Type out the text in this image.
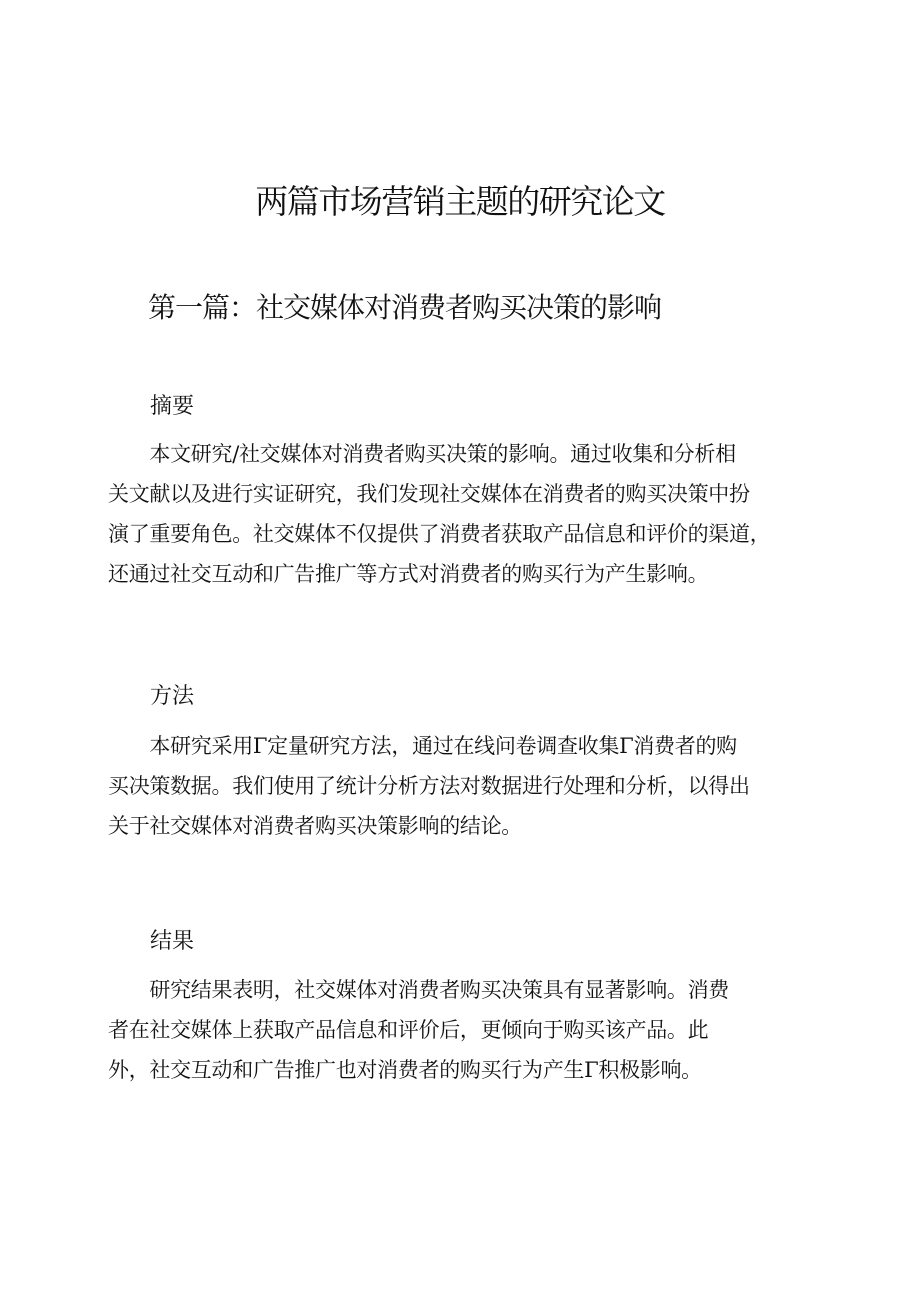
两篇市场营销主题的研究论文
第一篇：社交媒体对消费者购买决策的影响
摘要
　　本文研究/社交媒体对消费者购买决策的影响。通过收集和分析相
关文献以及进行实证研究，我们发现社交媒体在消费者的购买决策中扮
演了重要角色。社交媒体不仅提供了消费者获取产品信息和评价的渠道，
还通过社交互动和广告推广等方式对消费者的购买行为产生影响。
方法
　　本研究采用Γ定量研究方法，通过在线问卷调查收集Γ消费者的购
买决策数据。我们使用了统计分析方法对数据进行处理和分析，以得出
关于社交媒体对消费者购买决策影响的结论。
结果
　　研究结果表明，社交媒体对消费者购买决策具有显著影响。消费
者在社交媒体上获取产品信息和评价后，更倾向于购买该产品。此
外，社交互动和广告推广也对消费者的购买行为产生Γ积极影响。
